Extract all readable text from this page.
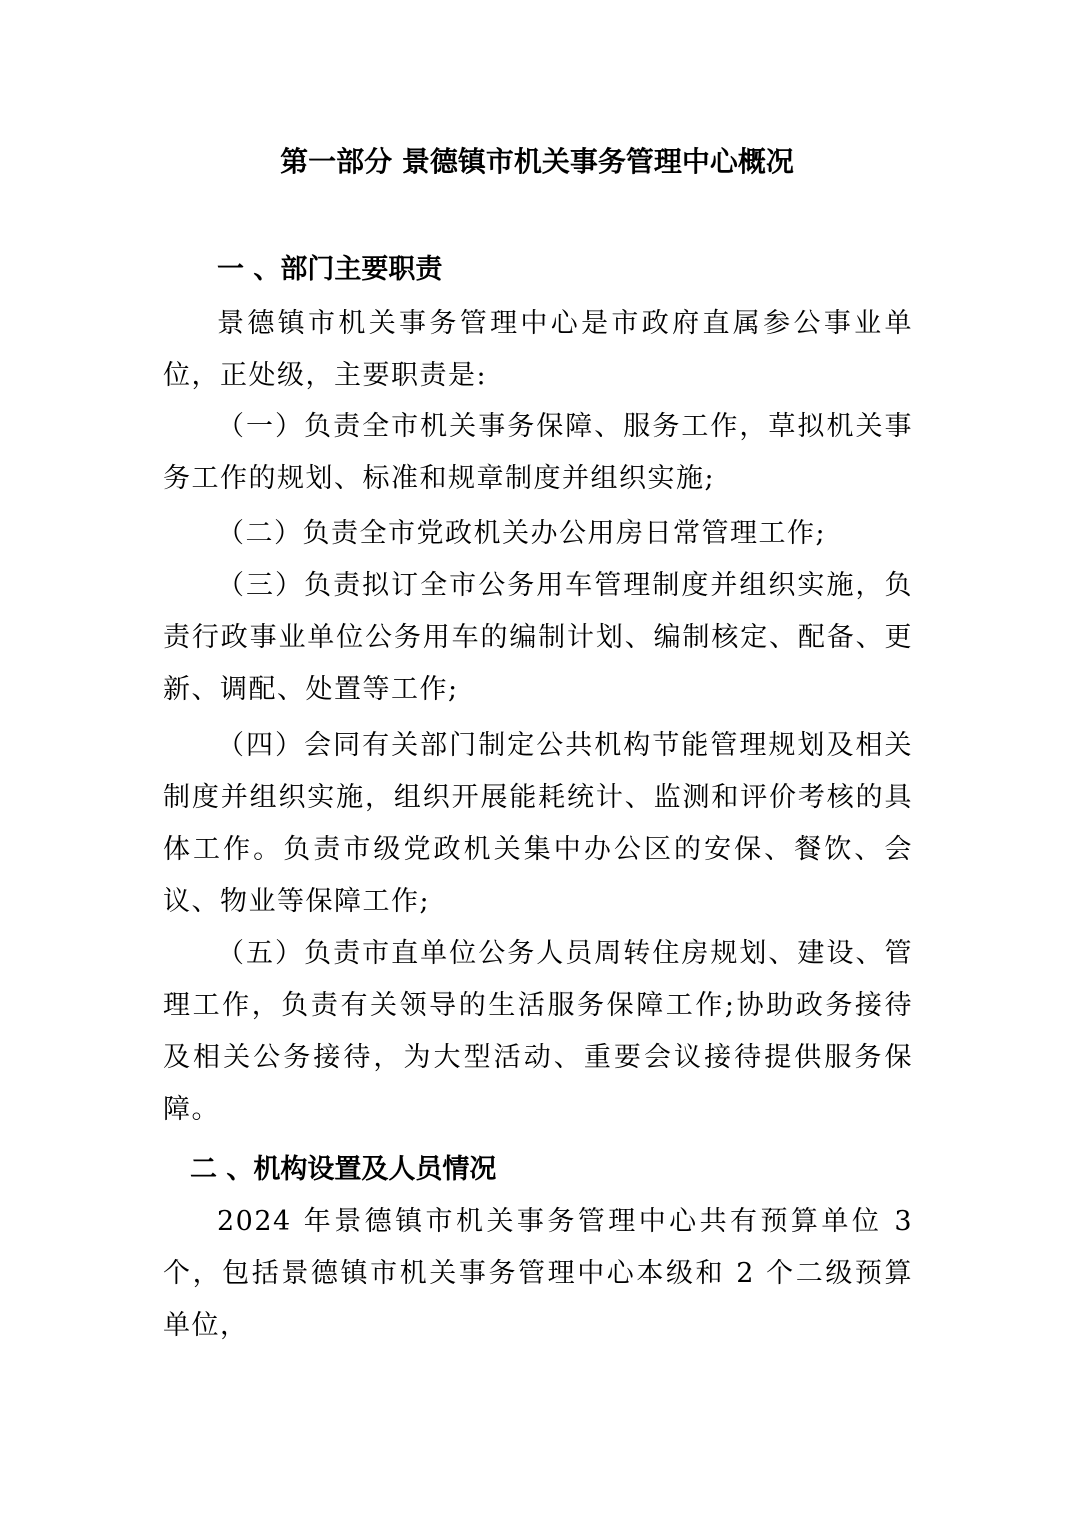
第一部分 景德镇市机关事务管理中心概况
一 、部门主要职责

景德镇市机关事务管理中心是市政府直属参公事业单位，正处级，主要职责是:

（一）负责全市机关事务保障、服务工作，草拟机关事务工作的规划、标准和规章制度并组织实施;

（二）负责全市党政机关办公用房日常管理工作;

（三）负责拟订全市公务用车管理制度并组织实施，负责行政事业单位公务用车的编制计划、编制核定、配备、更新、调配、处置等工作;

（四）会同有关部门制定公共机构节能管理规划及相关制度并组织实施，组织开展能耗统计、监测和评价考核的具体工作。负责市级党政机关集中办公区的安保、餐饮、会议、物业等保障工作;

（五）负责市直单位公务人员周转住房规划、建设、管理工作，负责有关领导的生活服务保障工作;协助政务接待及相关公务接待，为大型活动、重要会议接待提供服务保障。

二 、机构设置及人员情况

2024 年景德镇市机关事务管理中心共有预算单位 3 个，包括景德镇市机关事务管理中心本级和 2 个二级预算单位，
